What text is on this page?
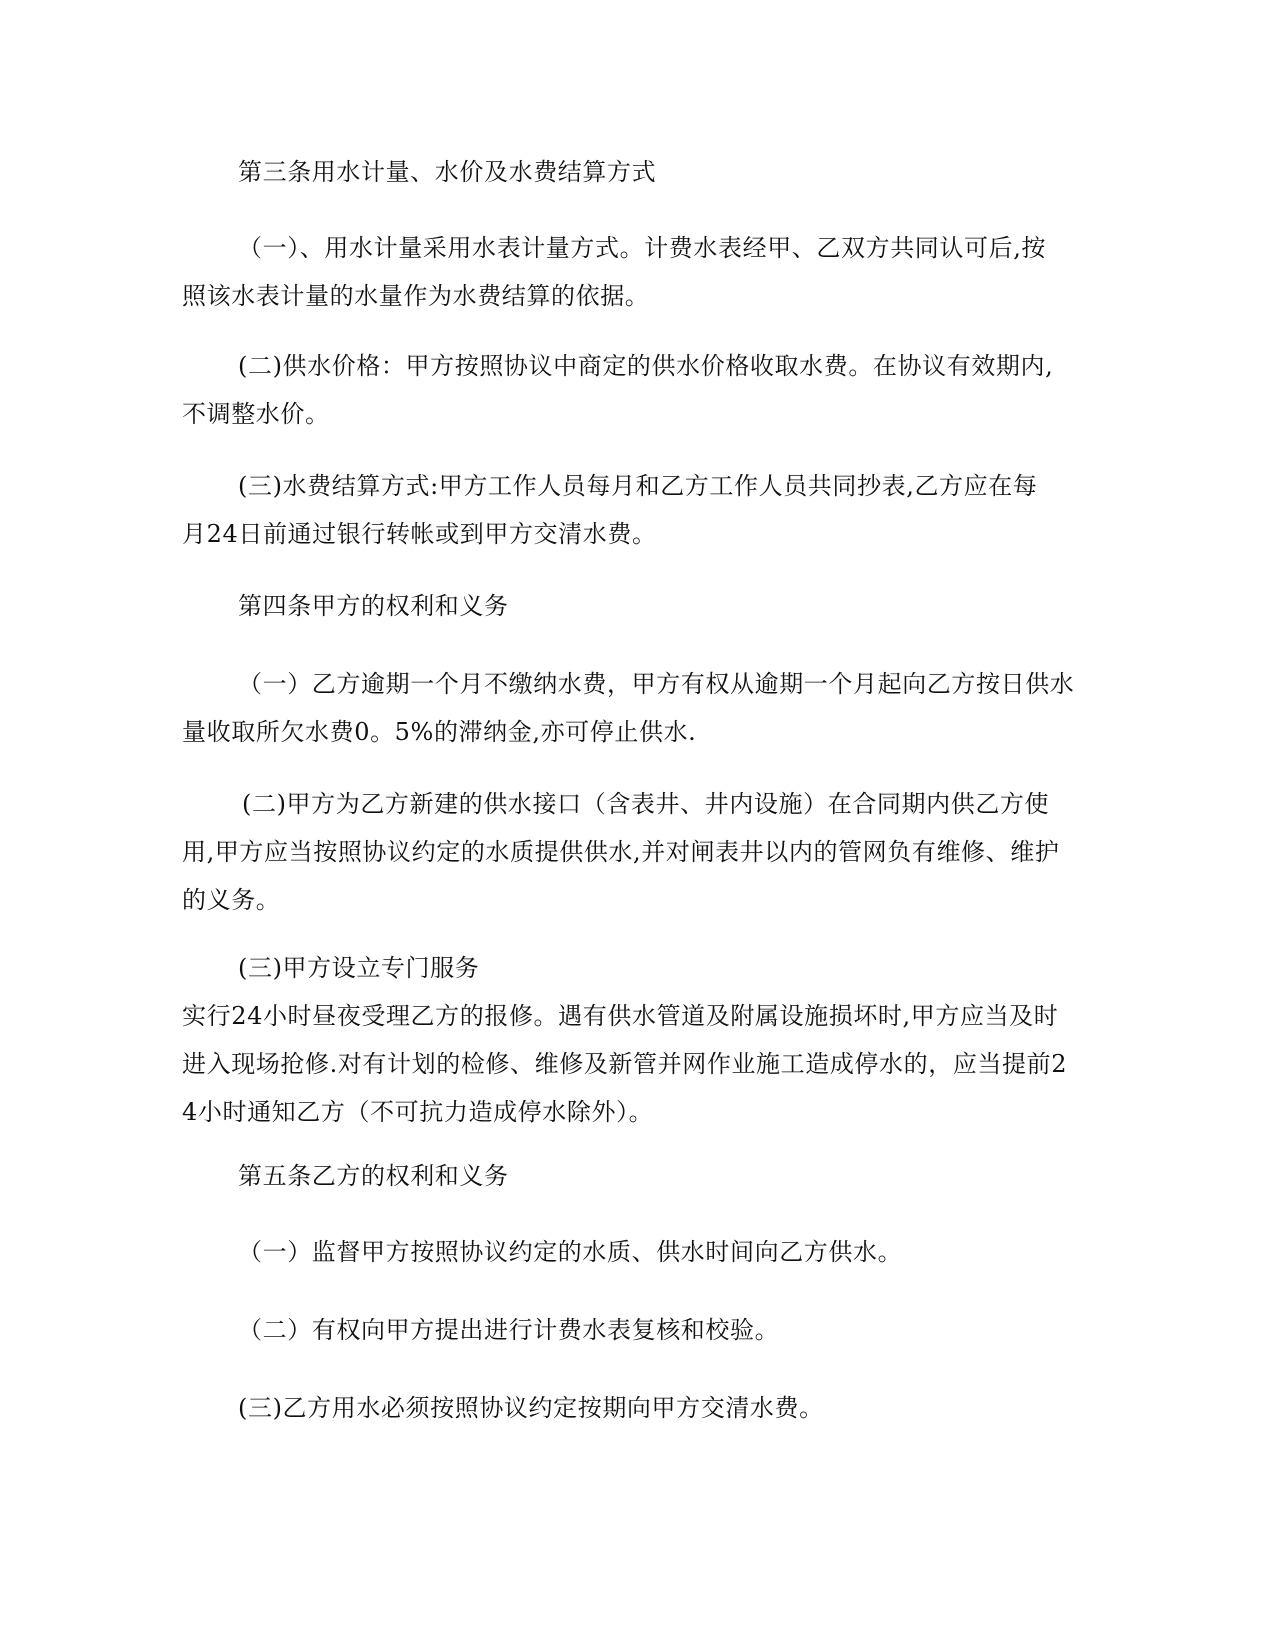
第三条用水计量、水价及水费结算方式

（一）、用水计量采用水表计量方式。计费水表经甲、乙双方共同认可后,按
照该水表计量的水量作为水费结算的依据。

(二)供水价格：甲方按照协议中商定的供水价格收取水费。在协议有效期内,
不调整水价。

(三)水费结算方式:甲方工作人员每月和乙方工作人员共同抄表,乙方应在每
月24日前通过银行转帐或到甲方交清水费。

第四条甲方的权利和义务

（一）乙方逾期一个月不缴纳水费，甲方有权从逾期一个月起向乙方按日供水
量收取所欠水费0。5%的滞纳金,亦可停止供水.

(二)甲方为乙方新建的供水接口（含表井、井内设施）在合同期内供乙方使
用,甲方应当按照协议约定的水质提供供水,并对闸表井以内的管网负有维修、维护
的义务。

(三)甲方设立专门服务
实行24小时昼夜受理乙方的报修。遇有供水管道及附属设施损坏时,甲方应当及时
进入现场抢修.对有计划的检修、维修及新管并网作业施工造成停水的，应当提前2
4小时通知乙方（不可抗力造成停水除外）。

第五条乙方的权利和义务

（一）监督甲方按照协议约定的水质、供水时间向乙方供水。

（二）有权向甲方提出进行计费水表复核和校验。

(三)乙方用水必须按照协议约定按期向甲方交清水费。
